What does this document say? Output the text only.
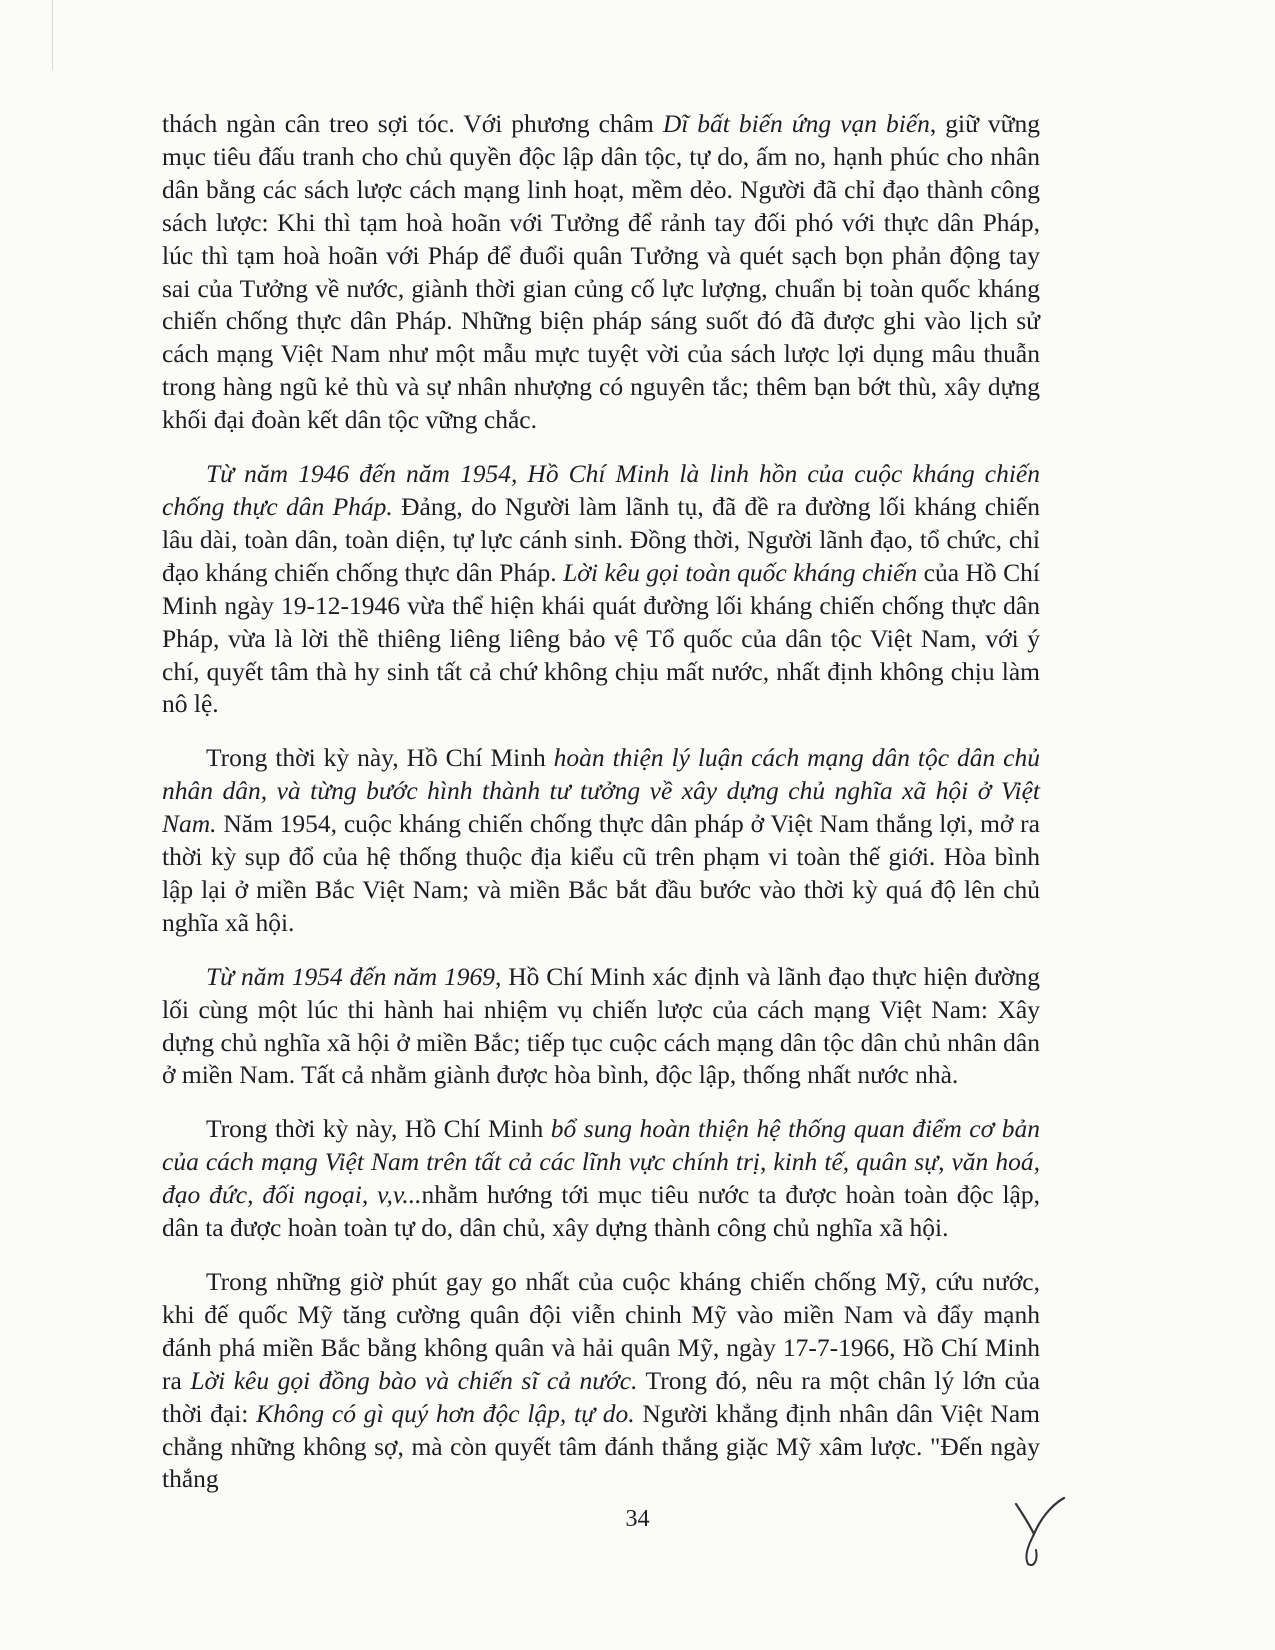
thách ngàn cân treo sợi tóc. Với phương châm Dĩ bất biến ứng vạn biến, giữ vững mục tiêu đấu tranh cho chủ quyền độc lập dân tộc, tự do, ấm no, hạnh phúc cho nhân dân bằng các sách lược cách mạng linh hoạt, mềm dẻo. Người đã chỉ đạo thành công sách lược: Khi thì tạm hoà hoãn với Tưởng để rảnh tay đối phó với thực dân Pháp, lúc thì tạm hoà hoãn với Pháp để đuổi quân Tưởng và quét sạch bọn phản động tay sai của Tưởng về nước, giành thời gian củng cố lực lượng, chuẩn bị toàn quốc kháng chiến chống thực dân Pháp. Những biện pháp sáng suốt đó đã được ghi vào lịch sử cách mạng Việt Nam như một mẫu mực tuyệt vời của sách lược lợi dụng mâu thuẫn trong hàng ngũ kẻ thù và sự nhân nhượng có nguyên tắc; thêm bạn bớt thù, xây dựng khối đại đoàn kết dân tộc vững chắc.

Từ năm 1946 đến năm 1954, Hồ Chí Minh là linh hồn của cuộc kháng chiến chống thực dân Pháp. Đảng, do Người làm lãnh tụ, đã đề ra đường lối kháng chiến lâu dài, toàn dân, toàn diện, tự lực cánh sinh. Đồng thời, Người lãnh đạo, tổ chức, chỉ đạo kháng chiến chống thực dân Pháp. Lời kêu gọi toàn quốc kháng chiến của Hồ Chí Minh ngày 19-12-1946 vừa thể hiện khái quát đường lối kháng chiến chống thực dân Pháp, vừa là lời thề thiêng liêng liêng bảo vệ Tổ quốc của dân tộc Việt Nam, với ý chí, quyết tâm thà hy sinh tất cả chứ không chịu mất nước, nhất định không chịu làm nô lệ.

Trong thời kỳ này, Hồ Chí Minh hoàn thiện lý luận cách mạng dân tộc dân chủ nhân dân, và từng bước hình thành tư tưởng về xây dựng chủ nghĩa xã hội ở Việt Nam. Năm 1954, cuộc kháng chiến chống thực dân pháp ở Việt Nam thắng lợi, mở ra thời kỳ sụp đổ của hệ thống thuộc địa kiểu cũ trên phạm vi toàn thế giới. Hòa bình lập lại ở miền Bắc Việt Nam; và miền Bắc bắt đầu bước vào thời kỳ quá độ lên chủ nghĩa xã hội.

Từ năm 1954 đến năm 1969, Hồ Chí Minh xác định và lãnh đạo thực hiện đường lối cùng một lúc thi hành hai nhiệm vụ chiến lược của cách mạng Việt Nam: Xây dựng chủ nghĩa xã hội ở miền Bắc; tiếp tục cuộc cách mạng dân tộc dân chủ nhân dân ở miền Nam. Tất cả nhằm giành được hòa bình, độc lập, thống nhất nước nhà.

Trong thời kỳ này, Hồ Chí Minh bổ sung hoàn thiện hệ thống quan điểm cơ bản của cách mạng Việt Nam trên tất cả các lĩnh vực chính trị, kinh tế, quân sự, văn hoá, đạo đức, đối ngoại, v,v...nhằm hướng tới mục tiêu nước ta được hoàn toàn độc lập, dân ta được hoàn toàn tự do, dân chủ, xây dựng thành công chủ nghĩa xã hội.

Trong những giờ phút gay go nhất của cuộc kháng chiến chống Mỹ, cứu nước, khi đế quốc Mỹ tăng cường quân đội viễn chinh Mỹ vào miền Nam và đẩy mạnh đánh phá miền Bắc bằng không quân và hải quân Mỹ, ngày 17-7-1966, Hồ Chí Minh ra Lời kêu gọi đồng bào và chiến sĩ cả nước. Trong đó, nêu ra một chân lý lớn của thời đại: Không có gì quý hơn độc lập, tự do. Người khẳng định nhân dân Việt Nam chẳng những không sợ, mà còn quyết tâm đánh thắng giặc Mỹ xâm lược. "Đến ngày thắng

34
